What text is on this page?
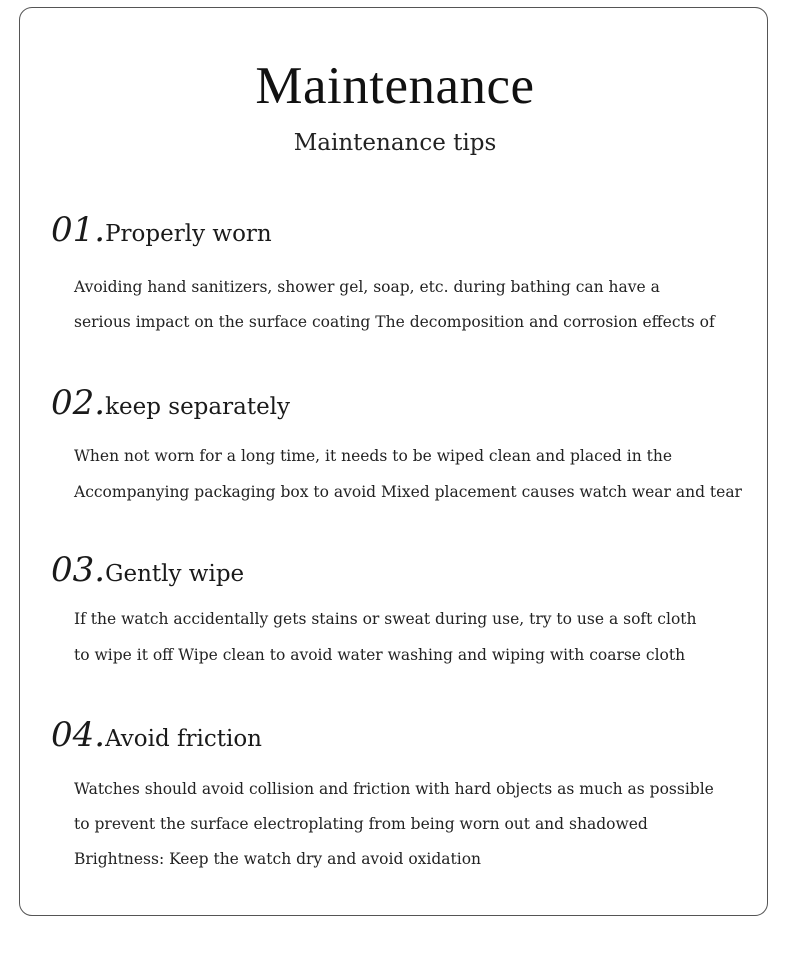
Maintenance
Maintenance tips
01.Properly worn
Avoiding hand sanitizers, shower gel, soap, etc. during bathing can have a
serious impact on the surface coating The decomposition and corrosion effects of
02.keep separately
When not worn for a long time, it needs to be wiped clean and placed in the
Accompanying packaging box to avoid Mixed placement causes watch wear and tear
03.Gently wipe
If the watch accidentally gets stains or sweat during use, try to use a soft cloth
to wipe it off Wipe clean to avoid water washing and wiping with coarse cloth
04.Avoid friction
Watches should avoid collision and friction with hard objects as much as possible
to prevent the surface electroplating from being worn out and shadowed
Brightness: Keep the watch dry and avoid oxidation
